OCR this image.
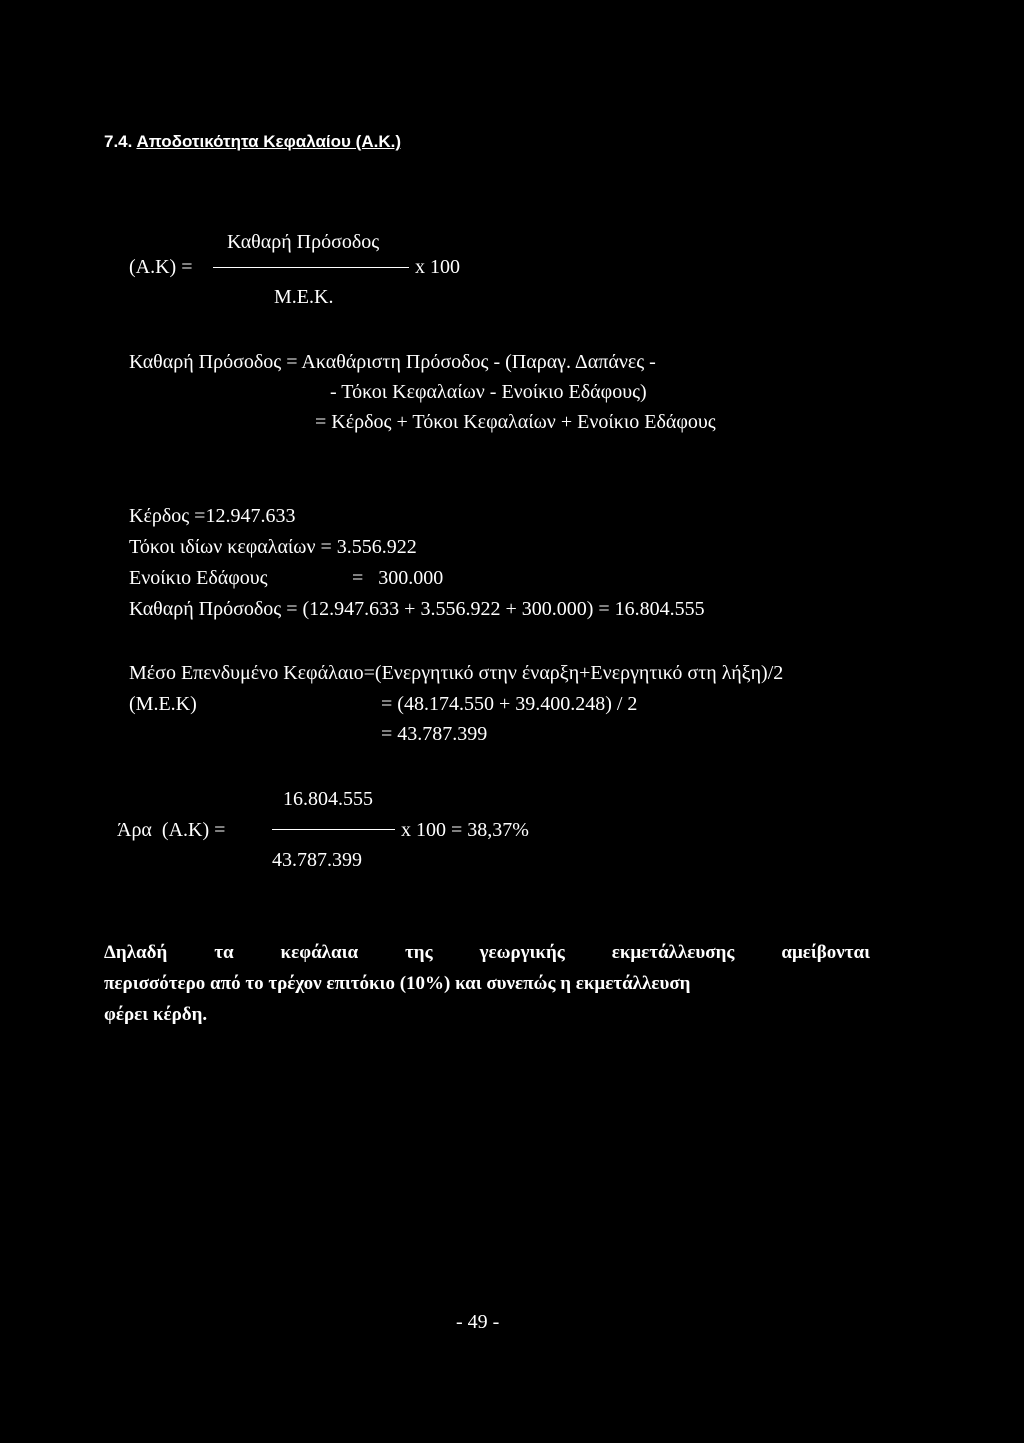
7.4. Αποδοτικότητα Κεφαλαίου (Α.Κ.)
Καθαρή Πρόσοδος
(Α.Κ) =	x 100
Μ.Ε.Κ.
Καθαρή Πρόσοδος = Ακαθάριστη Πρόσοδος - (Παραγ. Δαπάνες -
- Τόκοι Κεφαλαίων - Ενοίκιο Εδάφους)
= Κέρδος + Τόκοι Κεφαλαίων + Ενοίκιο Εδάφους
Κέρδος =12.947.633
Τόκοι ιδίων κεφαλαίων = 3.556.922
Ενοίκιο Εδάφους	=   300.000
Καθαρή Πρόσοδος = (12.947.633 + 3.556.922 + 300.000) = 16.804.555
Μέσο Επενδυμένο Κεφάλαιο=(Ενεργητικό στην έναρξη+Ενεργητικό στη λήξη)/2
(Μ.Ε.Κ)	= (48.174.550 + 39.400.248) / 2
= 43.787.399
16.804.555
Άρα  (Α.Κ) =	x 100 = 38,37%
43.787.399
Δηλαδή τα κεφάλαια της γεωργικής εκμετάλλευσης αμείβονται
περισσότερο από το τρέχον επιτόκιο (10%) και συνεπώς η εκμετάλλευση
φέρει κέρδη.
- 49 -
